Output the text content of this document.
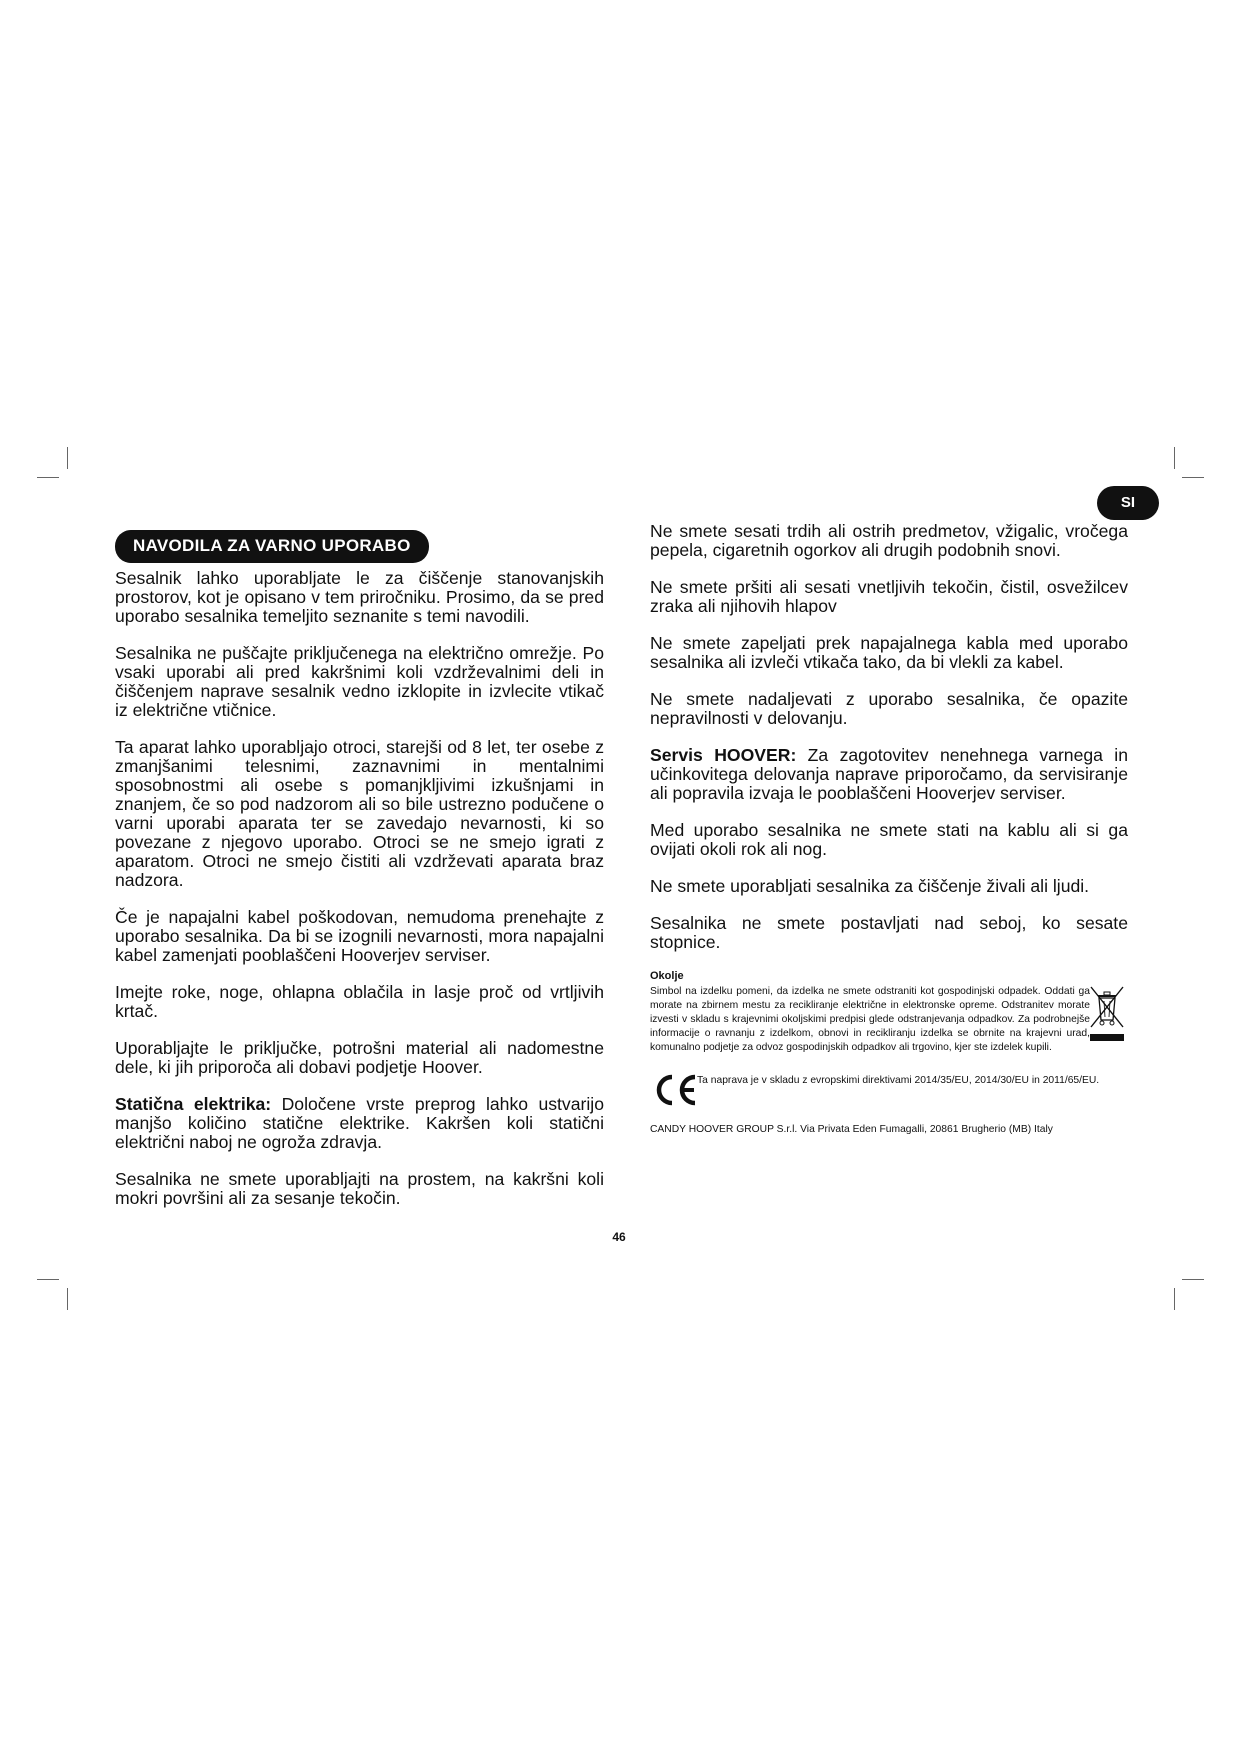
SI
NAVODILA ZA VARNO UPORABO

Sesalnik lahko uporabljate le za čiščenje stanovanjskih prostorov, kot je opisano v tem priročniku. Prosimo, da se pred uporabo sesalnika temeljito seznanite s temi navodili.

Sesalnika ne puščajte priključenega na električno omrežje. Po vsaki uporabi ali pred kakršnimi koli vzdrževalnimi deli in čiščenjem naprave sesalnik vedno izklopite in izvlecite vtikač iz električne vtičnice.

Ta aparat lahko uporabljajo otroci, starejši od 8 let, ter osebe z zmanjšanimi telesnimi, zaznavnimi in mentalnimi sposobnostmi ali osebe s pomanjkljivimi izkušnjami in znanjem, če so pod nadzorom ali so bile ustrezno podučene o varni uporabi aparata ter se zavedajo nevarnosti, ki so povezane z njegovo uporabo. Otroci se ne smejo igrati z aparatom. Otroci ne smejo čistiti ali vzdrževati aparata braz nadzora.

Če je napajalni kabel poškodovan, nemudoma prenehajte z uporabo sesalnika. Da bi se izognili nevarnosti, mora napajalni kabel zamenjati pooblaščeni Hooverjev serviser.

Imejte roke, noge, ohlapna oblačila in lasje proč od vrtljivih krtač.

Uporabljajte le priključke, potrošni material ali nadomestne dele, ki jih priporoča ali dobavi podjetje Hoover.

Statična elektrika: Določene vrste preprog lahko ustvarijo manjšo količino statične elektrike. Kakršen koli statični električni naboj ne ogroža zdravja.

Sesalnika ne smete uporabljajti na prostem, na kakršni koli mokri površini ali za sesanje tekočin.

Ne smete sesati trdih ali ostrih predmetov, vžigalic, vročega pepela, cigaretnih ogorkov ali drugih podobnih snovi.

Ne smete pršiti ali sesati vnetljivih tekočin, čistil, osvežilcev zraka ali njihovih hlapov

Ne smete zapeljati prek napajalnega kabla med uporabo sesalnika ali izvleči vtikača tako, da bi vlekli za kabel.

Ne smete nadaljevati z uporabo sesalnika, če opazite nepravilnosti v delovanju.

Servis HOOVER: Za zagotovitev nenehnega varnega in učinkovitega delovanja naprave priporočamo, da servisiranje ali popravila izvaja le pooblaščeni Hooverjev serviser.

Med uporabo sesalnika ne smete stati na kablu ali si ga ovijati okoli rok ali nog.

Ne smete uporabljati sesalnika za čiščenje živali ali ljudi.

Sesalnika ne smete postavljati nad seboj, ko sesate stopnice.

Okolje
Simbol na izdelku pomeni, da izdelka ne smete odstraniti kot gospodinjski odpadek. Oddati ga morate na zbirnem mestu za recikliranje električne in elektronske opreme. Odstranitev morate izvesti v skladu s krajevnimi okoljskimi predpisi glede odstranjevanja odpadkov. Za podrobnejše informacije o ravnanju z izdelkom, obnovi in recikliranju izdelka se obrnite na krajevni urad, komunalno podjetje za odvoz gospodinjskih odpadkov ali trgovino, kjer ste izdelek kupili.
Ta naprava je v skladu z evropskimi direktivami 2014/35/EU, 2014/30/EU in 2011/65/EU.
CANDY HOOVER GROUP S.r.l. Via Privata Eden Fumagalli, 20861 Brugherio (MB) Italy
46
